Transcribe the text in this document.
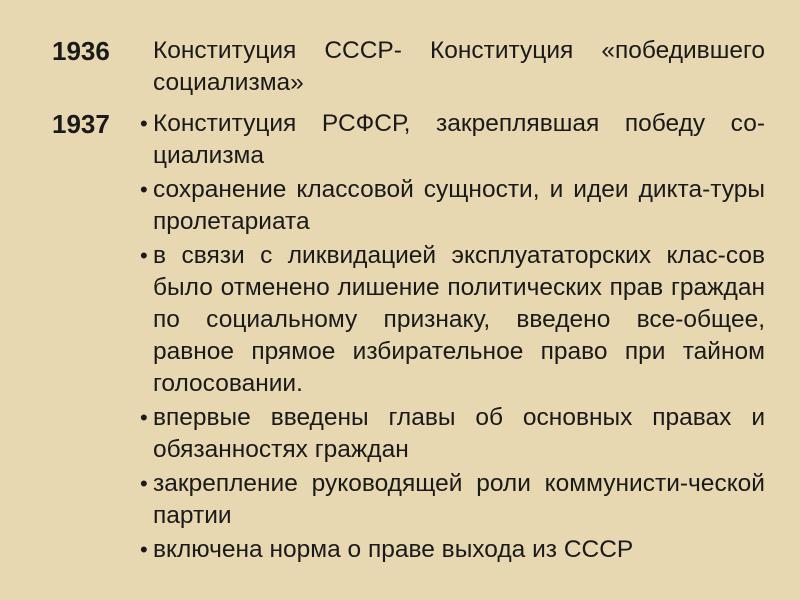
1936 Конституция СССР- Конституция «победившего социализма»
1937 • Конституция РСФСР, закреплявшая победу со-циализма
• сохранение классовой сущности, и идеи дикта-туры пролетариата
• в связи с ликвидацией эксплуататорских клас-сов было отменено лишение политических прав граждан по социальному признаку, введено все-общее, равное прямое избирательное право при тайном голосовании.
• впервые введены главы об основных правах и обязанностях граждан
• закрепление руководящей роли коммунисти-ческой партии
• включена норма о праве выхода из СССР
